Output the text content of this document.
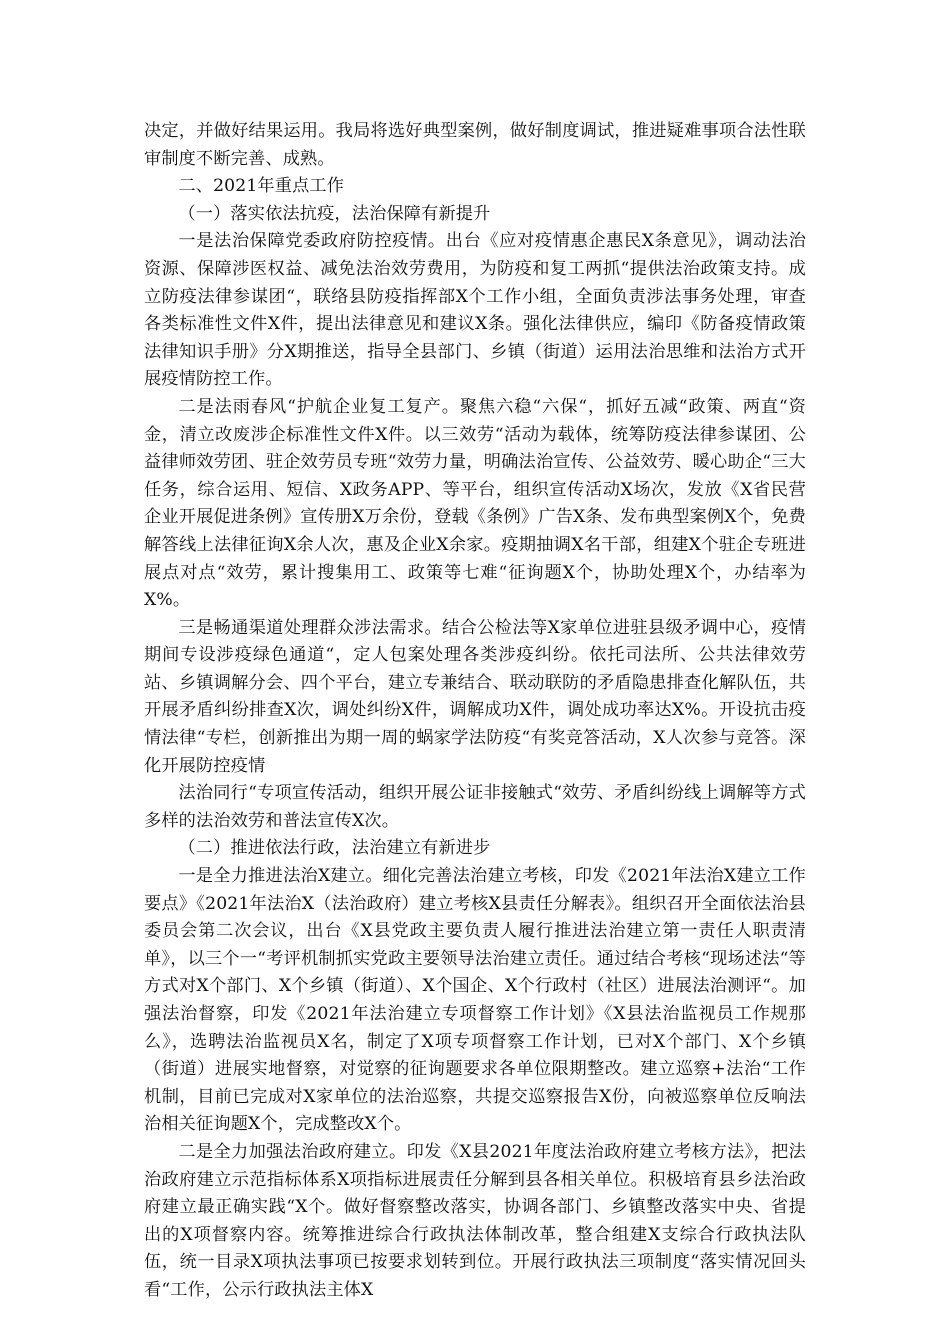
决定，并做好结果运用。我局将选好典型案例，做好制度调试，推进疑难事项合法性联审制度不断完善、成熟。

二、2021年重点工作

（一）落实依法抗疫，法治保障有新提升

一是法治保障党委政府防控疫情。出台《应对疫情惠企惠民X条意见》，调动法治资源、保障涉医权益、减免法治效劳费用，为防疫和复工两抓“提供法治政策支持。成立防疫法律参谋团“，联络县防疫指挥部X个工作小组，全面负责涉法事务处理，审查各类标准性文件X件，提出法律意见和建议X条。强化法律供应，编印《防备疫情政策法律知识手册》分X期推送，指导全县部门、乡镇（街道）运用法治思维和法治方式开展疫情防控工作。

二是法雨春风“护航企业复工复产。聚焦六稳“六保“，抓好五减“政策、两直“资金，清立改废涉企标准性文件X件。以三效劳“活动为载体，统筹防疫法律参谋团、公益律师效劳团、驻企效劳员专班“效劳力量，明确法治宣传、公益效劳、暖心助企“三大任务，综合运用、短信、X政务APP、等平台，组织宣传活动X场次，发放《X省民营企业开展促进条例》宣传册X万余份，登载《条例》广告X条、发布典型案例X个，免费解答线上法律征询X余人次，惠及企业X余家。疫期抽调X名干部，组建X个驻企专班进展点对点“效劳，累计搜集用工、政策等七难“征询题X个，协助处理X个，办结率为X%。

三是畅通渠道处理群众涉法需求。结合公检法等X家单位进驻县级矛调中心，疫情期间专设涉疫绿色通道“，定人包案处理各类涉疫纠纷。依托司法所、公共法律效劳站、乡镇调解分会、四个平台，建立专兼结合、联动联防的矛盾隐患排查化解队伍，共开展矛盾纠纷排查X次，调处纠纷X件，调解成功X件，调处成功率达X%。开设抗击疫情法律“专栏，创新推出为期一周的蜗家学法防疫“有奖竞答活动，X人次参与竞答。深化开展防控疫情

法治同行“专项宣传活动，组织开展公证非接触式“效劳、矛盾纠纷线上调解等方式多样的法治效劳和普法宣传X次。

（二）推进依法行政，法治建立有新进步

一是全力推进法治X建立。细化完善法治建立考核，印发《2021年法治X建立工作要点》《2021年法治X（法治政府）建立考核X县责任分解表》。组织召开全面依法治县委员会第二次会议，出台《X县党政主要负责人履行推进法治建立第一责任人职责清单》，以三个一“考评机制抓实党政主要领导法治建立责任。通过结合考核“现场述法“等方式对X个部门、X个乡镇（街道）、X个国企、X个行政村（社区）进展法治测评“。加强法治督察，印发《2021年法治建立专项督察工作计划》《X县法治监视员工作规那么》，选聘法治监视员X名，制定了X项专项督察工作计划，已对X个部门、X个乡镇（街道）进展实地督察，对觉察的征询题要求各单位限期整改。建立巡察+法治“工作机制，目前已完成对X家单位的法治巡察，共提交巡察报告X份，向被巡察单位反响法治相关征询题X个，完成整改X个。

二是全力加强法治政府建立。印发《X县2021年度法治政府建立考核方法》，把法治政府建立示范指标体系X项指标进展责任分解到县各相关单位。积极培育县乡法治政府建立最正确实践“X个。做好督察整改落实，协调各部门、乡镇整改落实中央、省提出的X项督察内容。统筹推进综合行政执法体制改革，整合组建X支综合行政执法队伍，统一目录X项执法事项已按要求划转到位。开展行政执法三项制度“落实情况回头看“工作，公示行政执法主体X
